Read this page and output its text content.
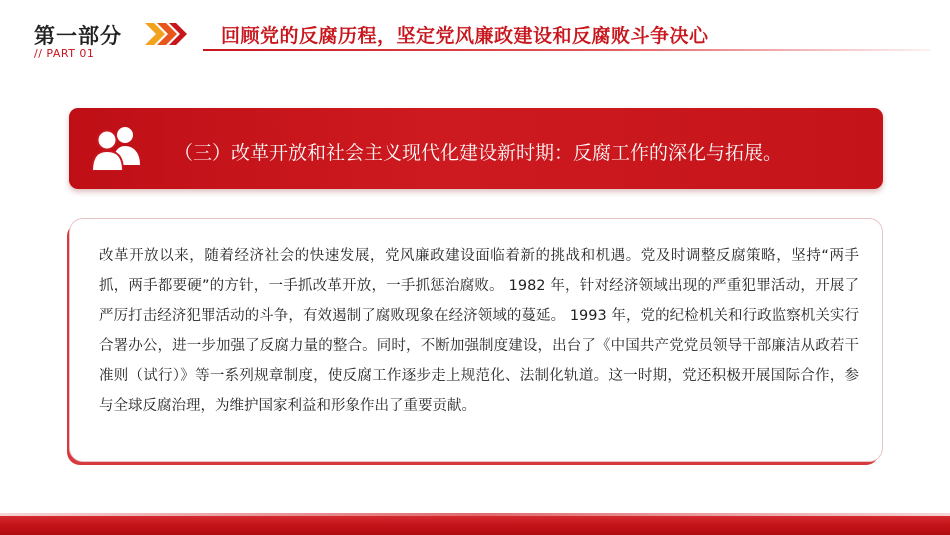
第一部分
// PART 01
回顾党的反腐历程，坚定党风廉政建设和反腐败斗争决心
（三）改革开放和社会主义现代化建设新时期：反腐工作的深化与拓展。

改革开放以来，随着经济社会的快速发展，党风廉政建设面临着新的挑战和机遇。党及时调整反腐策略，坚持“两手抓，两手都要硬”的方针，一手抓改革开放，一手抓惩治腐败。 1982 年，针对经济领域出现的严重犯罪活动，开展了严厉打击经济犯罪活动的斗争，有效遏制了腐败现象在经济领域的蔓延。 1993 年，党的纪检机关和行政监察机关实行合署办公，进一步加强了反腐力量的整合。同时，不断加强制度建设，出台了《中国共产党党员领导干部廉洁从政若干准则（试行）》等一系列规章制度，使反腐工作逐步走上规范化、法制化轨道。这一时期，党还积极开展国际合作，参与全球反腐治理，为维护国家利益和形象作出了重要贡献。
